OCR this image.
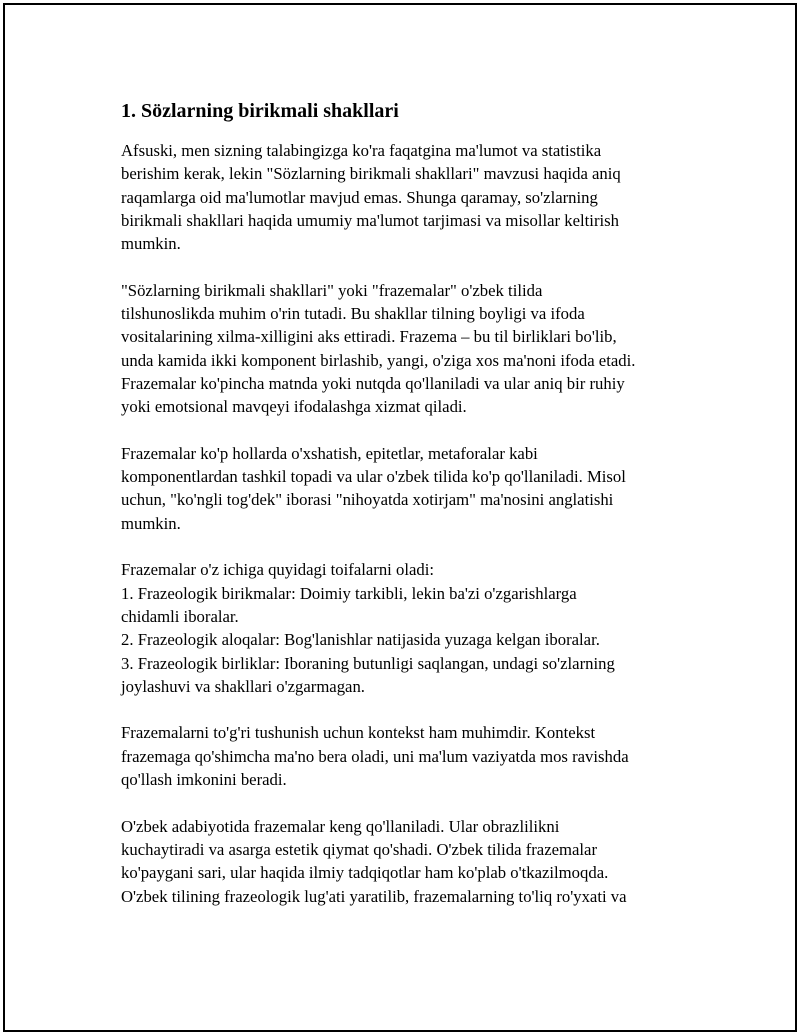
1. Sözlarning birikmali shakllari
Afsuski, men sizning talabingizga ko'ra faqatgina ma'lumot va statistika
berishim kerak, lekin "Sözlarning birikmali shakllari" mavzusi haqida aniq
raqamlarga oid ma'lumotlar mavjud emas. Shunga qaramay, so'zlarning
birikmali shakllari haqida umumiy ma'lumot tarjimasi va misollar keltirish
mumkin.
"Sözlarning birikmali shakllari" yoki "frazemalar" o'zbek tilida
tilshunoslikda muhim o'rin tutadi. Bu shakllar tilning boyligi va ifoda
vositalarining xilma-xilligini aks ettiradi. Frazema – bu til birliklari bo'lib,
unda kamida ikki komponent birlashib, yangi, o'ziga xos ma'noni ifoda etadi.
Frazemalar ko'pincha matnda yoki nutqda qo'llaniladi va ular aniq bir ruhiy
yoki emotsional mavqeyi ifodalashga xizmat qiladi.
Frazemalar ko'p hollarda o'xshatish, epitetlar, metaforalar kabi
komponentlardan tashkil topadi va ular o'zbek tilida ko'p qo'llaniladi. Misol
uchun, "ko'ngli tog'dek" iborasi "nihoyatda xotirjam" ma'nosini anglatishi
mumkin.
Frazemalar o'z ichiga quyidagi toifalarni oladi:
1. Frazeologik birikmalar: Doimiy tarkibli, lekin ba'zi o'zgarishlarga
chidamli iboralar.
2. Frazeologik aloqalar: Bog'lanishlar natijasida yuzaga kelgan iboralar.
3. Frazeologik birliklar: Iboraning butunligi saqlangan, undagi so'zlarning
joylashuvi va shakllari o'zgarmagan.
Frazemalarni to'g'ri tushunish uchun kontekst ham muhimdir. Kontekst
frazemaga qo'shimcha ma'no bera oladi, uni ma'lum vaziyatda mos ravishda
qo'llash imkonini beradi.
O'zbek adabiyotida frazemalar keng qo'llaniladi. Ular obrazlilikni
kuchaytiradi va asarga estetik qiymat qo'shadi. O'zbek tilida frazemalar
ko'paygani sari, ular haqida ilmiy tadqiqotlar ham ko'plab o'tkazilmoqda.
O'zbek tilining frazeologik lug'ati yaratilib, frazemalarning to'liq ro'yxati va
